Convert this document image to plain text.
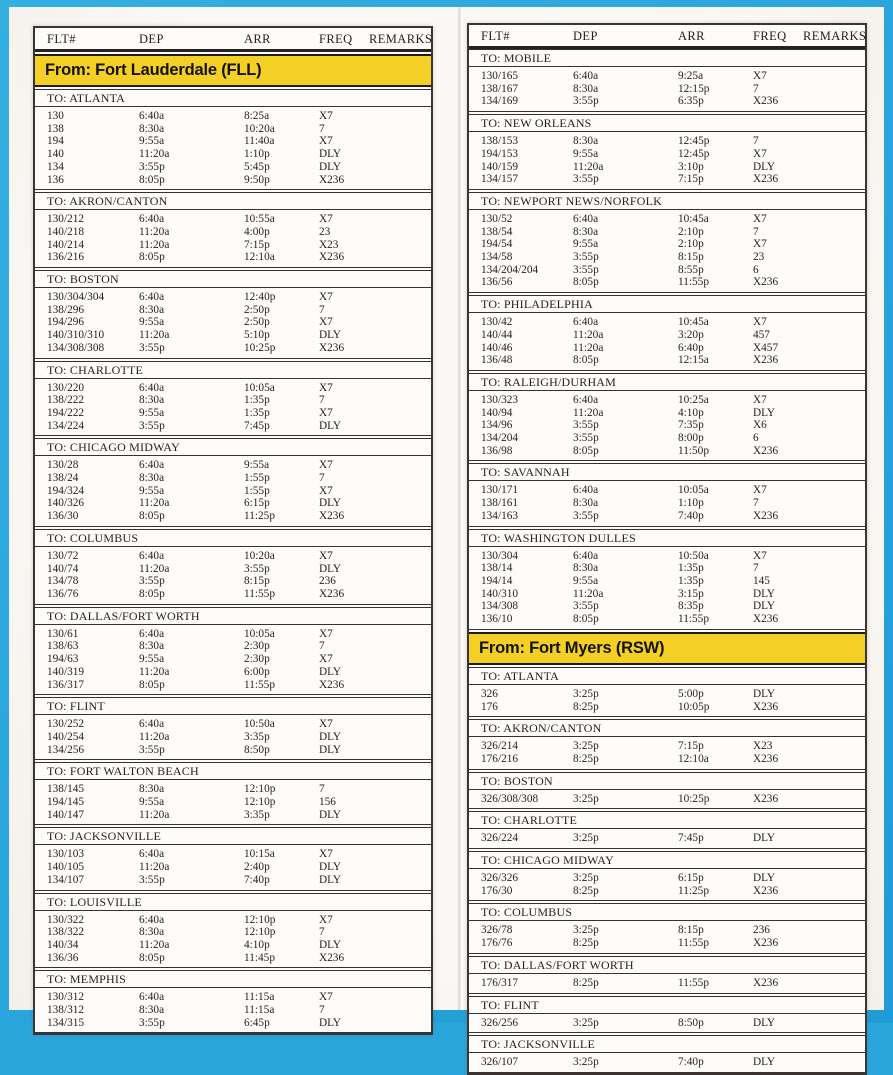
FLT#	DEP	ARR	FREQ	REMARKS
From: Fort Lauderdale (FLL)
TO: ATLANTA
130	6:40a	8:25a	X7
138	8:30a	10:20a	7
194	9:55a	11:40a	X7
140	11:20a	1:10p	DLY
134	3:55p	5:45p	DLY
136	8:05p	9:50p	X236
TO: AKRON/CANTON
130/212	6:40a	10:55a	X7
140/218	11:20a	4:00p	23
140/214	11:20a	7:15p	X23
136/216	8:05p	12:10a	X236
TO: BOSTON
130/304/304	6:40a	12:40p	X7
138/296	8:30a	2:50p	7
194/296	9:55a	2:50p	X7
140/310/310	11:20a	5:10p	DLY
134/308/308	3:55p	10:25p	X236
TO: CHARLOTTE
130/220	6:40a	10:05a	X7
138/222	8:30a	1:35p	7
194/222	9:55a	1:35p	X7
134/224	3:55p	7:45p	DLY
TO: CHICAGO MIDWAY
130/28	6:40a	9:55a	X7
138/24	8:30a	1:55p	7
194/324	9:55a	1:55p	X7
140/326	11:20a	6:15p	DLY
136/30	8:05p	11:25p	X236
TO: COLUMBUS
130/72	6:40a	10:20a	X7
140/74	11:20a	3:55p	DLY
134/78	3:55p	8:15p	236
136/76	8:05p	11:55p	X236
TO: DALLAS/FORT WORTH
130/61	6:40a	10:05a	X7
138/63	8:30a	2:30p	7
194/63	9:55a	2:30p	X7
140/319	11:20a	6:00p	DLY
136/317	8:05p	11:55p	X236
TO: FLINT
130/252	6:40a	10:50a	X7
140/254	11:20a	3:35p	DLY
134/256	3:55p	8:50p	DLY
TO: FORT WALTON BEACH
138/145	8:30a	12:10p	7
194/145	9:55a	12:10p	156
140/147	11:20a	3:35p	DLY
TO: JACKSONVILLE
130/103	6:40a	10:15a	X7
140/105	11:20a	2:40p	DLY
134/107	3:55p	7:40p	DLY
TO: LOUISVILLE
130/322	6:40a	12:10p	X7
138/322	8:30a	12:10p	7
140/34	11:20a	4:10p	DLY
136/36	8:05p	11:45p	X236
TO: MEMPHIS
130/312	6:40a	11:15a	X7
138/312	8:30a	11:15a	7
134/315	3:55p	6:45p	DLY
FLT#	DEP	ARR	FREQ	REMARKS
TO: MOBILE
130/165	6:40a	9:25a	X7
138/167	8:30a	12:15p	7
134/169	3:55p	6:35p	X236
TO: NEW ORLEANS
138/153	8:30a	12:45p	7
194/153	9:55a	12:45p	X7
140/159	11:20a	3:10p	DLY
134/157	3:55p	7:15p	X236
TO: NEWPORT NEWS/NORFOLK
130/52	6:40a	10:45a	X7
138/54	8:30a	2:10p	7
194/54	9:55a	2:10p	X7
134/58	3:55p	8:15p	23
134/204/204	3:55p	8:55p	6
136/56	8:05p	11:55p	X236
TO: PHILADELPHIA
130/42	6:40a	10:45a	X7
140/44	11:20a	3:20p	457
140/46	11:20a	6:40p	X457
136/48	8:05p	12:15a	X236
TO: RALEIGH/DURHAM
130/323	6:40a	10:25a	X7
140/94	11:20a	4:10p	DLY
134/96	3:55p	7:35p	X6
134/204	3:55p	8:00p	6
136/98	8:05p	11:50p	X236
TO: SAVANNAH
130/171	6:40a	10:05a	X7
138/161	8:30a	1:10p	7
134/163	3:55p	7:40p	X236
TO: WASHINGTON DULLES
130/304	6:40a	10:50a	X7
138/14	8:30a	1:35p	7
194/14	9:55a	1:35p	145
140/310	11:20a	3:15p	DLY
134/308	3:55p	8:35p	DLY
136/10	8:05p	11:55p	X236
From: Fort Myers (RSW)
TO: ATLANTA
326	3:25p	5:00p	DLY
176	8:25p	10:05p	X236
TO: AKRON/CANTON
326/214	3:25p	7:15p	X23
176/216	8:25p	12:10a	X236
TO: BOSTON
326/308/308	3:25p	10:25p	X236
TO: CHARLOTTE
326/224	3:25p	7:45p	DLY
TO: CHICAGO MIDWAY
326/326	3:25p	6:15p	DLY
176/30	8:25p	11:25p	X236
TO: COLUMBUS
326/78	3:25p	8:15p	236
176/76	8:25p	11:55p	X236
TO: DALLAS/FORT WORTH
176/317	8:25p	11:55p	X236
TO: FLINT
326/256	3:25p	8:50p	DLY
TO: JACKSONVILLE
326/107	3:25p	7:40p	DLY
